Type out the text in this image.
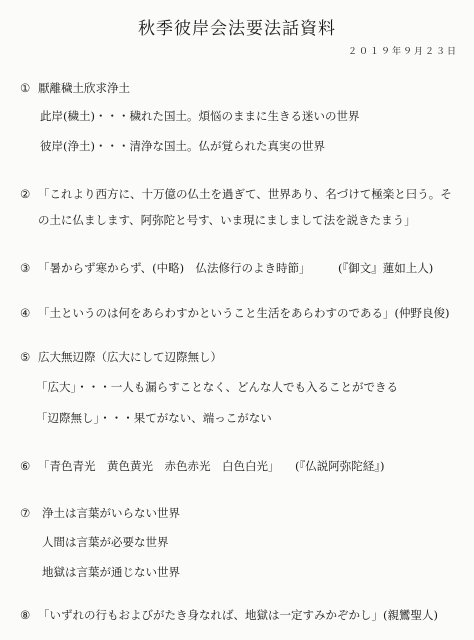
秋季彼岸会法要法話資料
２０１９年９月２３日
① 厭離穢土欣求浄土
此岸(穢土)・・・穢れた国土。煩悩のままに生きる迷いの世界
彼岸(浄土)・・・清浄な国土。仏が覚られた真実の世界
② 「これより西方に、十万億の仏土を過ぎて、世界あり、名づけて極楽と曰う。そ
の土に仏まします、阿弥陀と号す、いま現にましまして法を説きたまう」
③ 「暑からず寒からず、(中略)　仏法修行のよき時節」 (『御文』蓮如上人)
④ 「土というのは何をあらわすかということ生活をあらわすのである」(仲野良俊)
⑤ 広大無辺際（広大にして辺際無し）
「広大」・・・一人も漏らすことなく、どんな人でも入ることができる
「辺際無し」・・・果てがない、端っこがない
⑥ 「青色青光　黄色黄光　赤色赤光　白色白光」 (『仏説阿弥陀経』)
⑦ 浄土は言葉がいらない世界
人間は言葉が必要な世界
地獄は言葉が通じない世界
⑧ 「いずれの行もおよびがたき身なれば、地獄は一定すみかぞかし」(親鸞聖人)
